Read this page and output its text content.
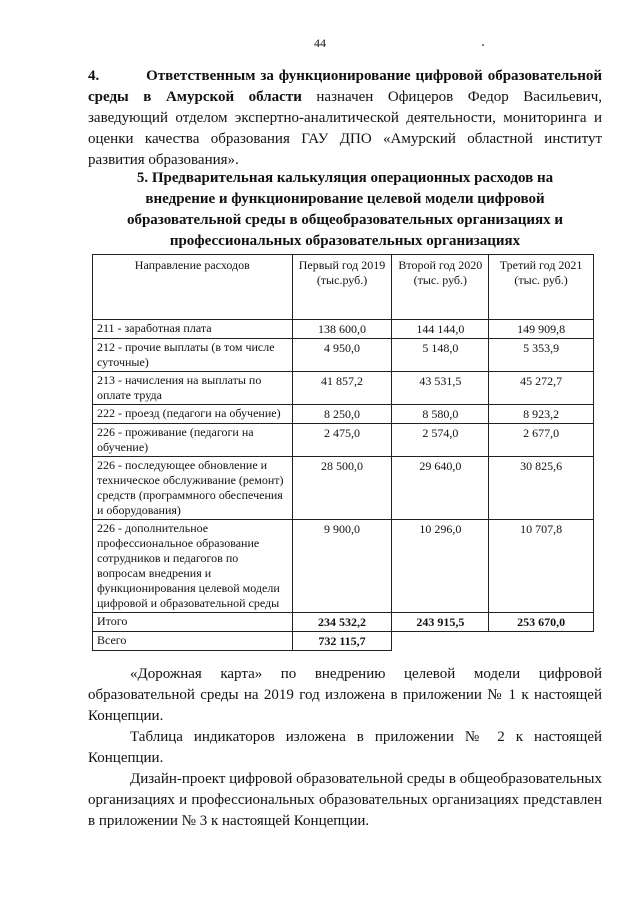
44
4.	Ответственным за функционирование цифровой образовательной среды в Амурской области назначен Офицеров Федор Васильевич, заведующий отделом экспертно-аналитической деятельности, мониторинга и оценки качества образования ГАУ ДПО «Амурский областной институт развития образования».
5. Предварительная калькуляция операционных расходов на
внедрение и функционирование целевой модели цифровой
образовательной среды в общеобразовательных организациях и
профессиональных образовательных организациях
Направление расходов	Первый год 2019 (тыс.руб.)	Второй год 2020 (тыс. руб.)	Третий год 2021 (тыс. руб.)
211 - заработная плата	138 600,0	144 144,0	149 909,8
212 - прочие выплаты (в том числе суточные)	4 950,0	5 148,0	5 353,9
213 - начисления на выплаты по оплате труда	41 857,2	43 531,5	45 272,7
222 - проезд (педагоги на обучение)	8 250,0	8 580,0	8 923,2
226 - проживание (педагоги на обучение)	2 475,0	2 574,0	2 677,0
226 - последующее обновление и техническое обслуживание (ремонт) средств (программного обеспечения и оборудования)	28 500,0	29 640,0	30 825,6
226 - дополнительное профессиональное образование сотрудников и педагогов по вопросам внедрения и функционирования целевой модели цифровой и образовательной среды	9 900,0	10 296,0	10 707,8
Итого	234 532,2	243 915,5	253 670,0
Всего	732 115,7		
«Дорожная карта» по внедрению целевой модели цифровой образовательной среды на 2019 год изложена в приложении № 1 к настоящей Концепции.
Таблица индикаторов изложена в приложении № 2 к настоящей Концепции.
Дизайн-проект цифровой образовательной среды в общеобразовательных организациях и профессиональных образовательных организациях представлен в приложении № 3 к настоящей Концепции.
